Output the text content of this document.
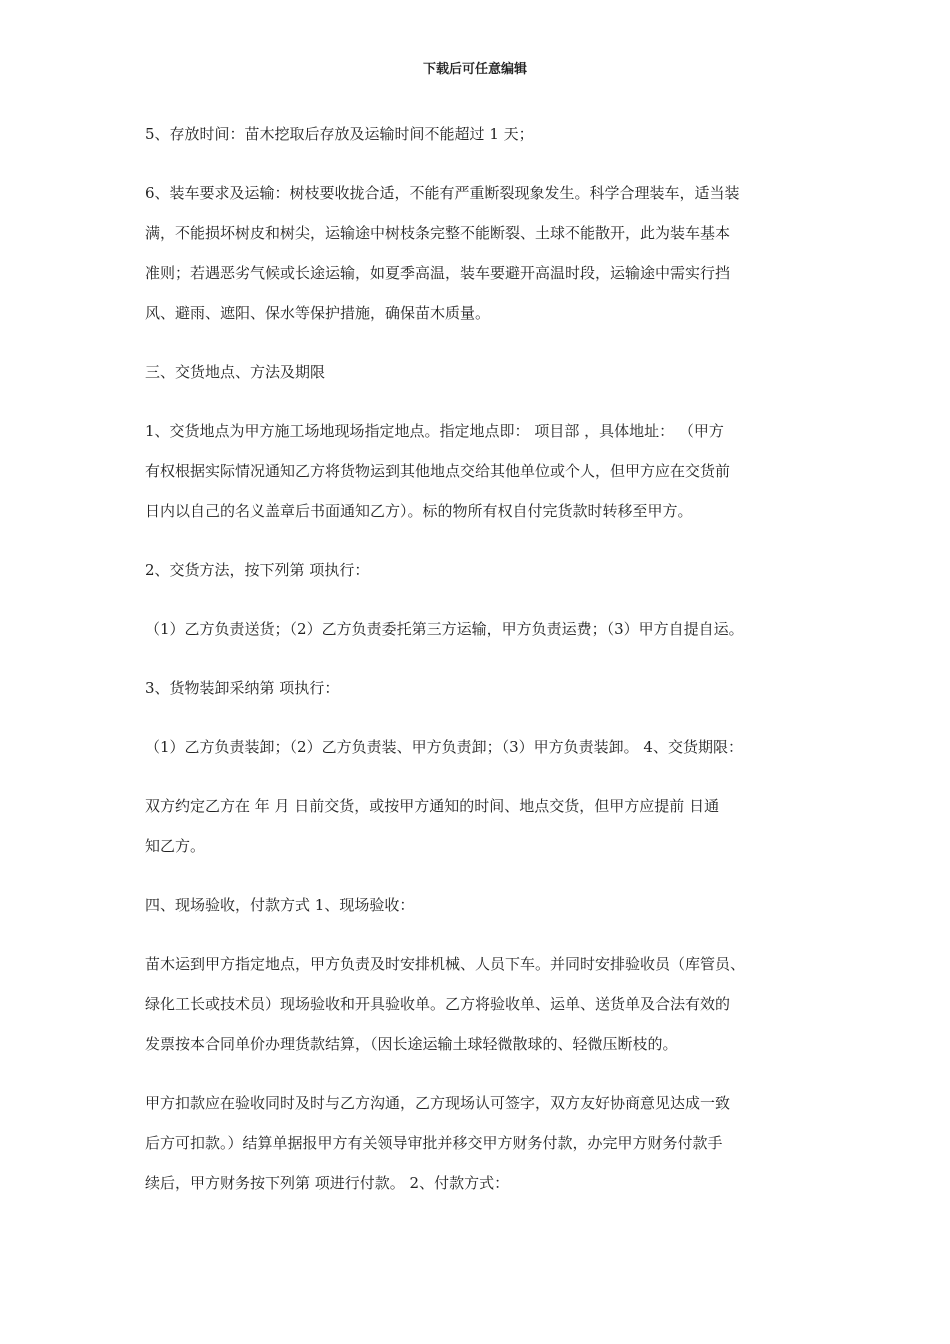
下载后可任意编辑

5、存放时间：苗木挖取后存放及运输时间不能超过 1 天；

6、装车要求及运输：树枝要收拢合适，不能有严重断裂现象发生。科学合理装车，适当装
满，不能损坏树皮和树尖，运输途中树枝条完整不能断裂、土球不能散开，此为装车基本
准则；若遇恶劣气候或长途运输，如夏季高温，装车要避开高温时段，运输途中需实行挡
风、避雨、遮阳、保水等保护措施，确保苗木质量。

三、交货地点、方法及期限

1、交货地点为甲方施工场地现场指定地点。指定地点即： 项目部 ，具体地址： （甲方
有权根据实际情况通知乙方将货物运到其他地点交给其他单位或个人，但甲方应在交货前
日内以自己的名义盖章后书面通知乙方）。标的物所有权自付完货款时转移至甲方。

2、交货方法，按下列第 项执行：

（1）乙方负责送货；（2）乙方负责委托第三方运输，甲方负责运费；（3）甲方自提自运。

3、货物装卸采纳第 项执行：

（1）乙方负责装卸；（2）乙方负责装、甲方负责卸；（3）甲方负责装卸。 4、交货期限：

双方约定乙方在 年 月 日前交货，或按甲方通知的时间、地点交货，但甲方应提前 日通
知乙方。

四、现场验收，付款方式 1、现场验收：

苗木运到甲方指定地点，甲方负责及时安排机械、人员下车。并同时安排验收员（库管员、
绿化工长或技术员）现场验收和开具验收单。乙方将验收单、运单、送货单及合法有效的
发票按本合同单价办理货款结算，（因长途运输土球轻微散球的、轻微压断枝的。

甲方扣款应在验收同时及时与乙方沟通，乙方现场认可签字，双方友好协商意见达成一致
后方可扣款。）结算单据报甲方有关领导审批并移交甲方财务付款，办完甲方财务付款手
续后，甲方财务按下列第 项进行付款。 2、付款方式：
